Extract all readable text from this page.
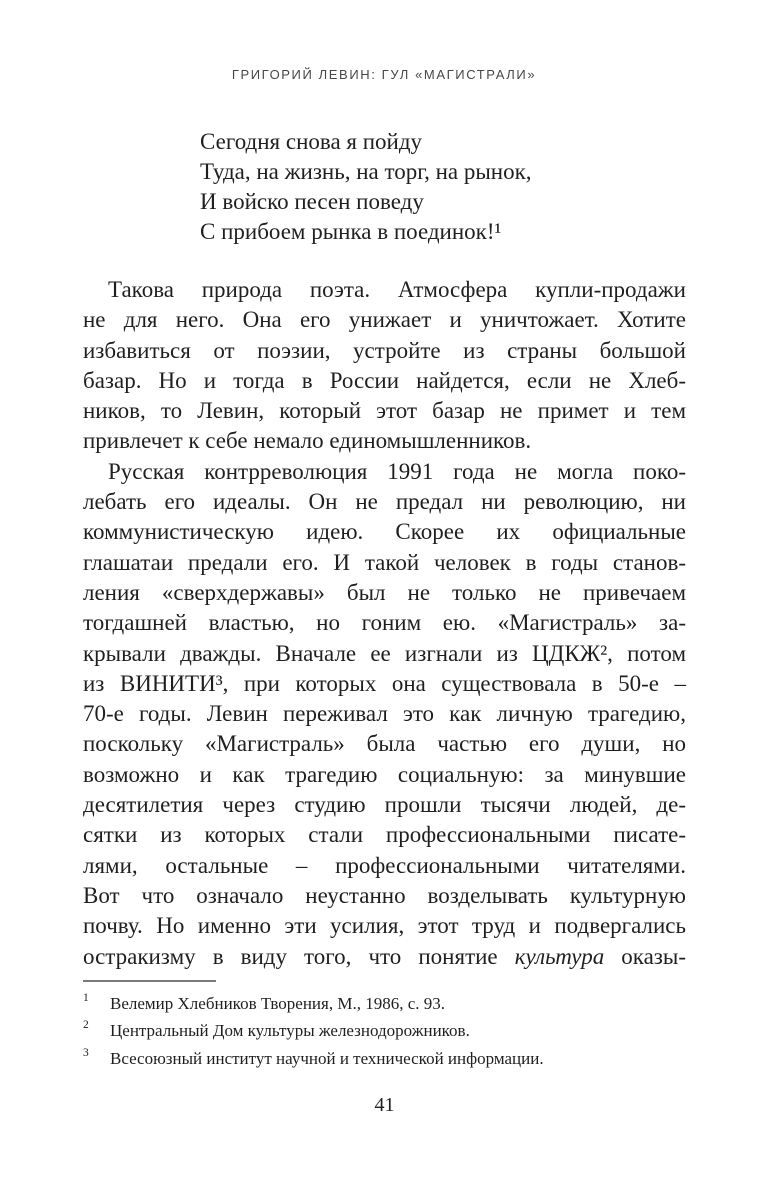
ГРИГОРИЙ ЛЕВИН: ГУЛ «МАГИСТРАЛИ»
Сегодня снова я пойду
Туда, на жизнь, на торг, на рынок,
И войско песен поведу
С прибоем рынка в поединок!¹
Такова природа поэта. Атмосфера купли-продажи
не для него. Она его унижает и уничтожает. Хотите
избавиться от поэзии, устройте из страны большой
базар. Но и тогда в России найдется, если не Хлеб-
ников, то Левин, который этот базар не примет и тем
привлечет к себе немало единомышленников.
Русская контрреволюция 1991 года не могла поко-
лебать его идеалы. Он не предал ни революцию, ни
коммунистическую идею. Скорее их официальные
глашатаи предали его. И такой человек в годы станов-
ления «сверхдержавы» был не только не привечаем
тогдашней властью, но гоним ею. «Магистраль» за-
крывали дважды. Вначале ее изгнали из ЦДКЖ², потом
из ВИНИТИ³, при которых она существовала в 50-е –
70-е годы. Левин переживал это как личную трагедию,
поскольку «Магистраль» была частью его души, но
возможно и как трагедию социальную: за минувшие
десятилетия через студию прошли тысячи людей, де-
сятки из которых стали профессиональными писате-
лями, остальные – профессиональными читателями.
Вот что означало неустанно возделывать культурную
почву. Но именно эти усилия, этот труд и подвергались
остракизму в виду того, что понятие культура оказы-
1	Велемир Хлебников Творения, М., 1986, с. 93.
2	Центральный Дом культуры железнодорожников.
3	Всесоюзный институт научной и технической информации.
41
